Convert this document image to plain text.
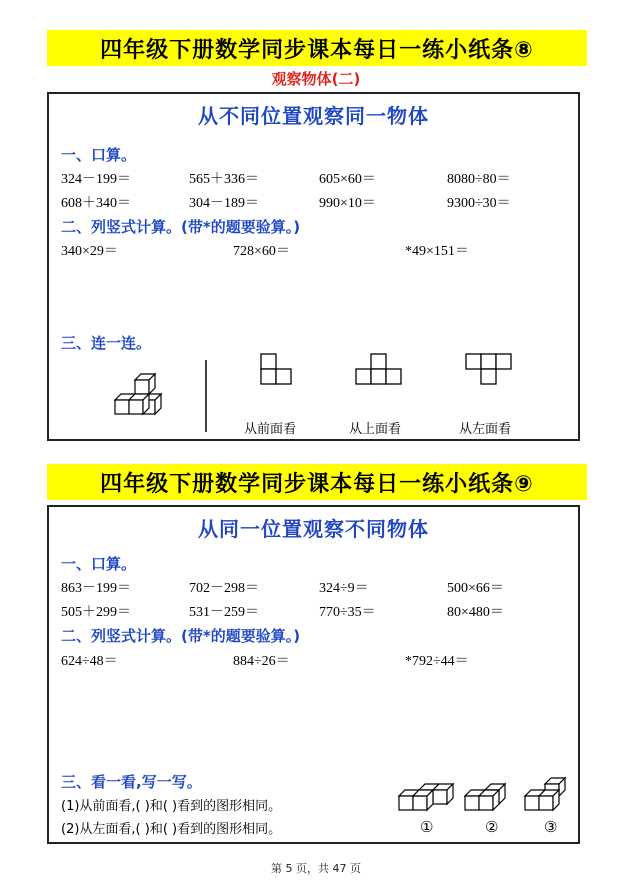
四年级下册数学同步课本每日一练小纸条⑧
观察物体(二)
从不同位置观察同一物体
一、口算。
324－199＝	565＋336＝	605×60＝	8080÷80＝
608＋340＝	304－189＝	990×10＝	9300÷30＝
二、列竖式计算。(带*的题要验算。)
340×29＝	728×60＝	*49×151＝
三、连一连。
从前面看	从上面看	从左面看
四年级下册数学同步课本每日一练小纸条⑨
从同一位置观察不同物体
一、口算。
863－199＝	702－298＝	324÷9＝	500×66＝
505＋299＝	531－259＝	770÷35＝	80×480＝
二、列竖式计算。(带*的题要验算。)
624÷48＝	884÷26＝	*792÷44＝
三、看一看,写一写。
(1)从前面看,( )和( )看到的图形相同。
(2)从左面看,( )和( )看到的图形相同。	①	②	③
第 5 页，共 47 页
